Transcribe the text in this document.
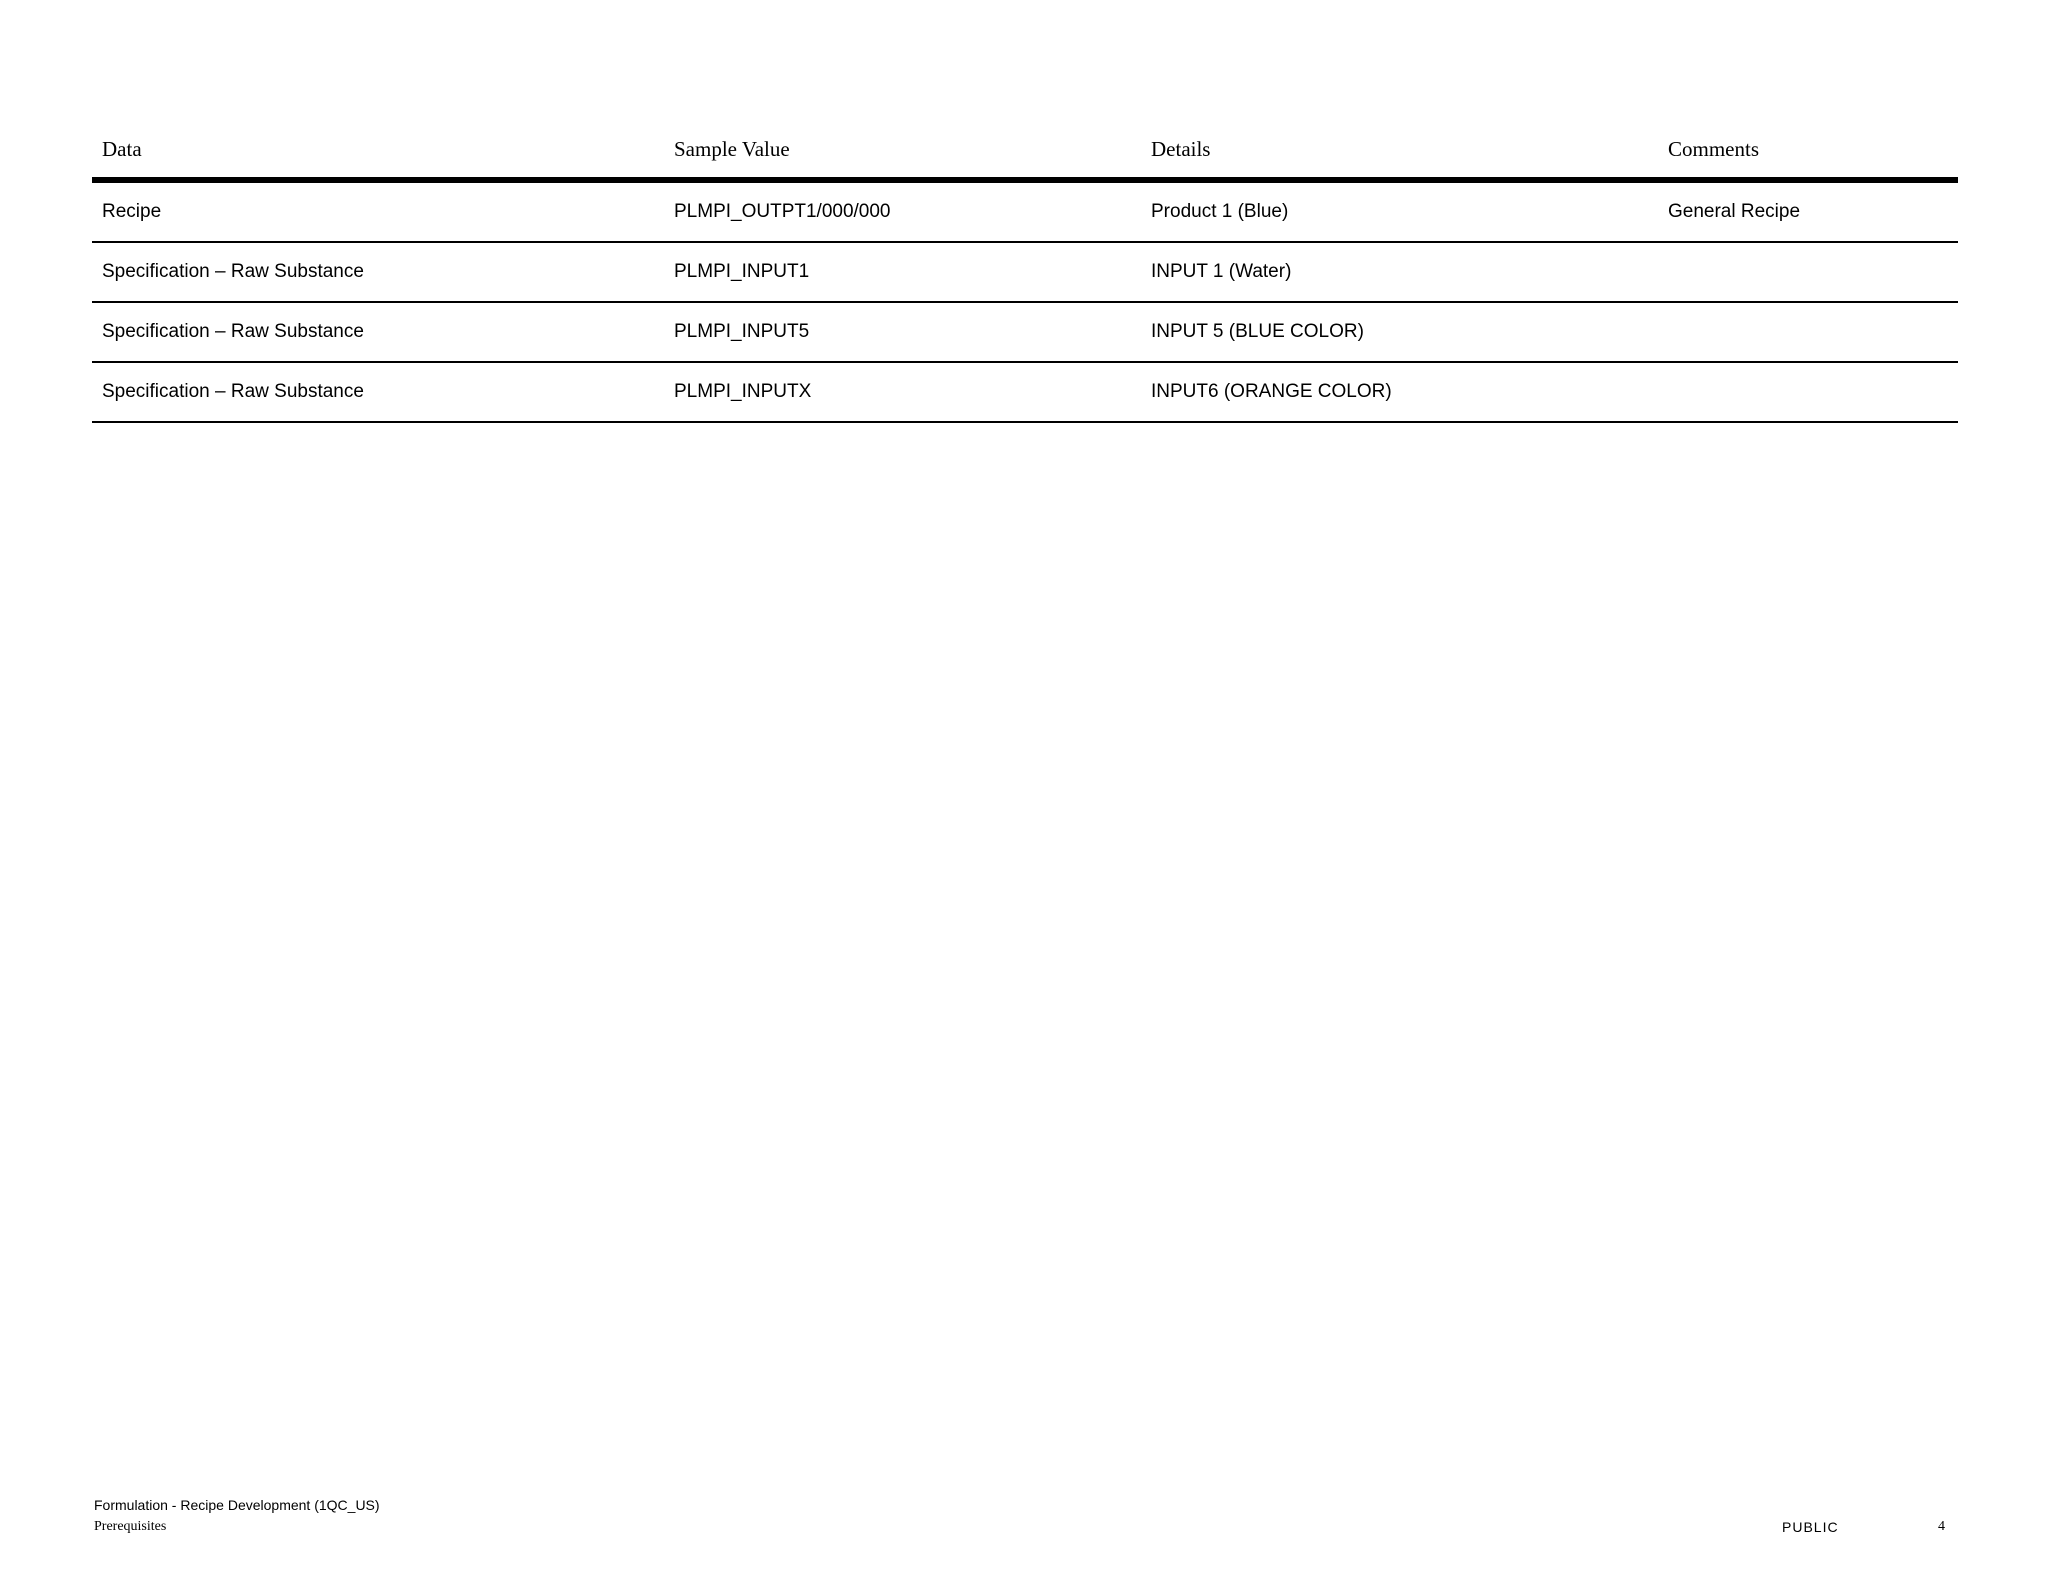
Data	Sample Value	Details	Comments
Recipe	PLMPI_OUTPT1/000/000	Product 1 (Blue)	General Recipe
Specification – Raw Substance	PLMPI_INPUT1	INPUT 1 (Water)	
Specification – Raw Substance	PLMPI_INPUT5	INPUT 5 (BLUE COLOR)	
Specification – Raw Substance	PLMPI_INPUTX	INPUT6 (ORANGE COLOR)	
Formulation - Recipe Development (1QC_US)
Prerequisites	PUBLIC	4
